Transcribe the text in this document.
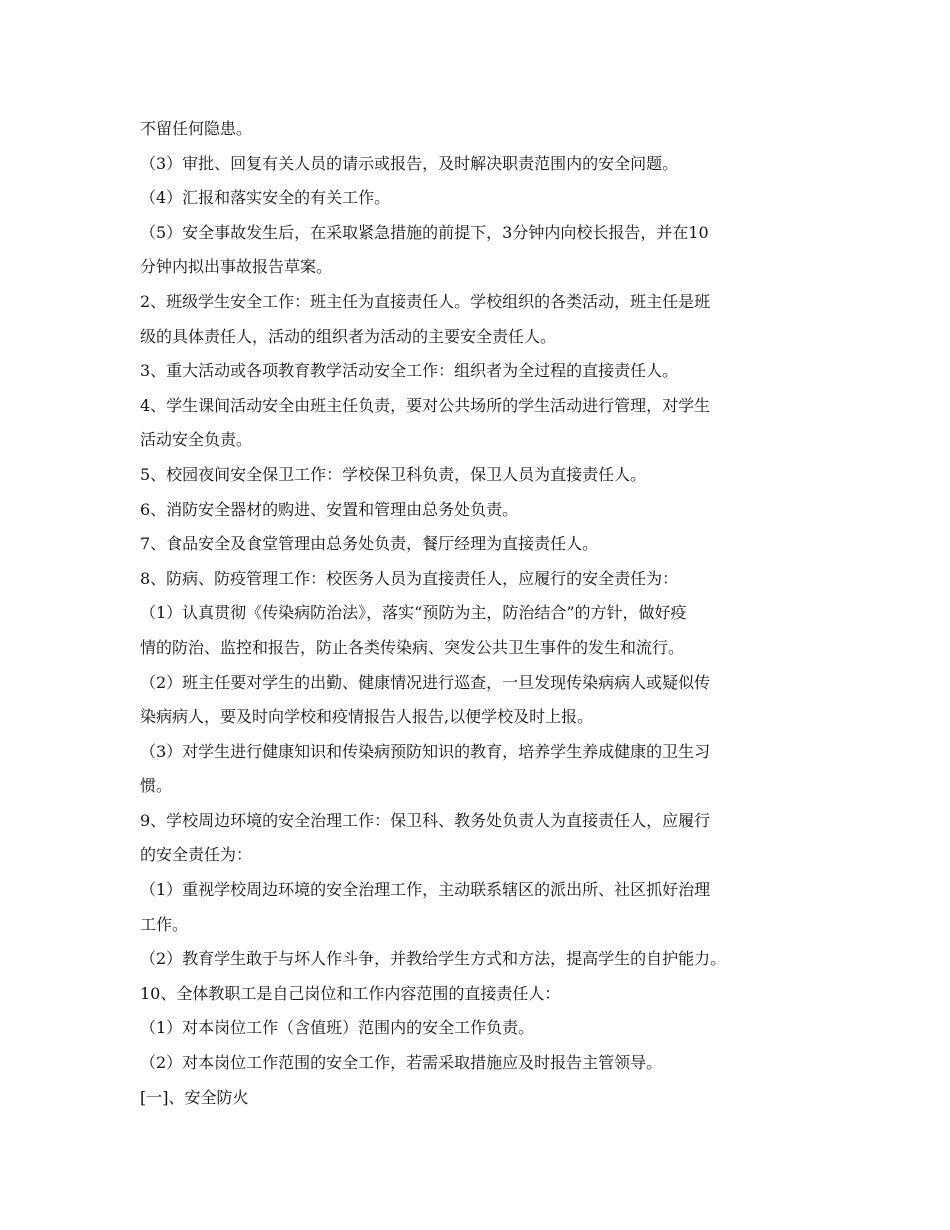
不留任何隐患。
（3）审批、回复有关人员的请示或报告，及时解决职责范围内的安全问题。
（4）汇报和落实安全的有关工作。
（5）安全事故发生后，在采取紧急措施的前提下，3分钟内向校长报告，并在10
分钟内拟出事故报告草案。
2、班级学生安全工作：班主任为直接责任人。学校组织的各类活动，班主任是班
级的具体责任人，活动的组织者为活动的主要安全责任人。
3、重大活动或各项教育教学活动安全工作：组织者为全过程的直接责任人。
4、学生课间活动安全由班主任负责，要对公共场所的学生活动进行管理，对学生
活动安全负责。
5、校园夜间安全保卫工作：学校保卫科负责，保卫人员为直接责任人。
6、消防安全器材的购进、安置和管理由总务处负责。
7、食品安全及食堂管理由总务处负责，餐厅经理为直接责任人。
8、防病、防疫管理工作：校医务人员为直接责任人，应履行的安全责任为：
（1）认真贯彻《传染病防治法》，落实“预防为主，防治结合”的方针，做好疫
情的防治、监控和报告，防止各类传染病、突发公共卫生事件的发生和流行。
（2）班主任要对学生的出勤、健康情况进行巡查，一旦发现传染病病人或疑似传
染病病人，要及时向学校和疫情报告人报告,以便学校及时上报。
（3）对学生进行健康知识和传染病预防知识的教育，培养学生养成健康的卫生习
惯。
9、学校周边环境的安全治理工作：保卫科、教务处负责人为直接责任人，应履行
的安全责任为：
（1）重视学校周边环境的安全治理工作，主动联系辖区的派出所、社区抓好治理
工作。
（2）教育学生敢于与坏人作斗争，并教给学生方式和方法，提高学生的自护能力。
10、全体教职工是自己岗位和工作内容范围的直接责任人：
（1）对本岗位工作（含值班）范围内的安全工作负责。
（2）对本岗位工作范围的安全工作，若需采取措施应及时报告主管领导。
[一]、安全防火
